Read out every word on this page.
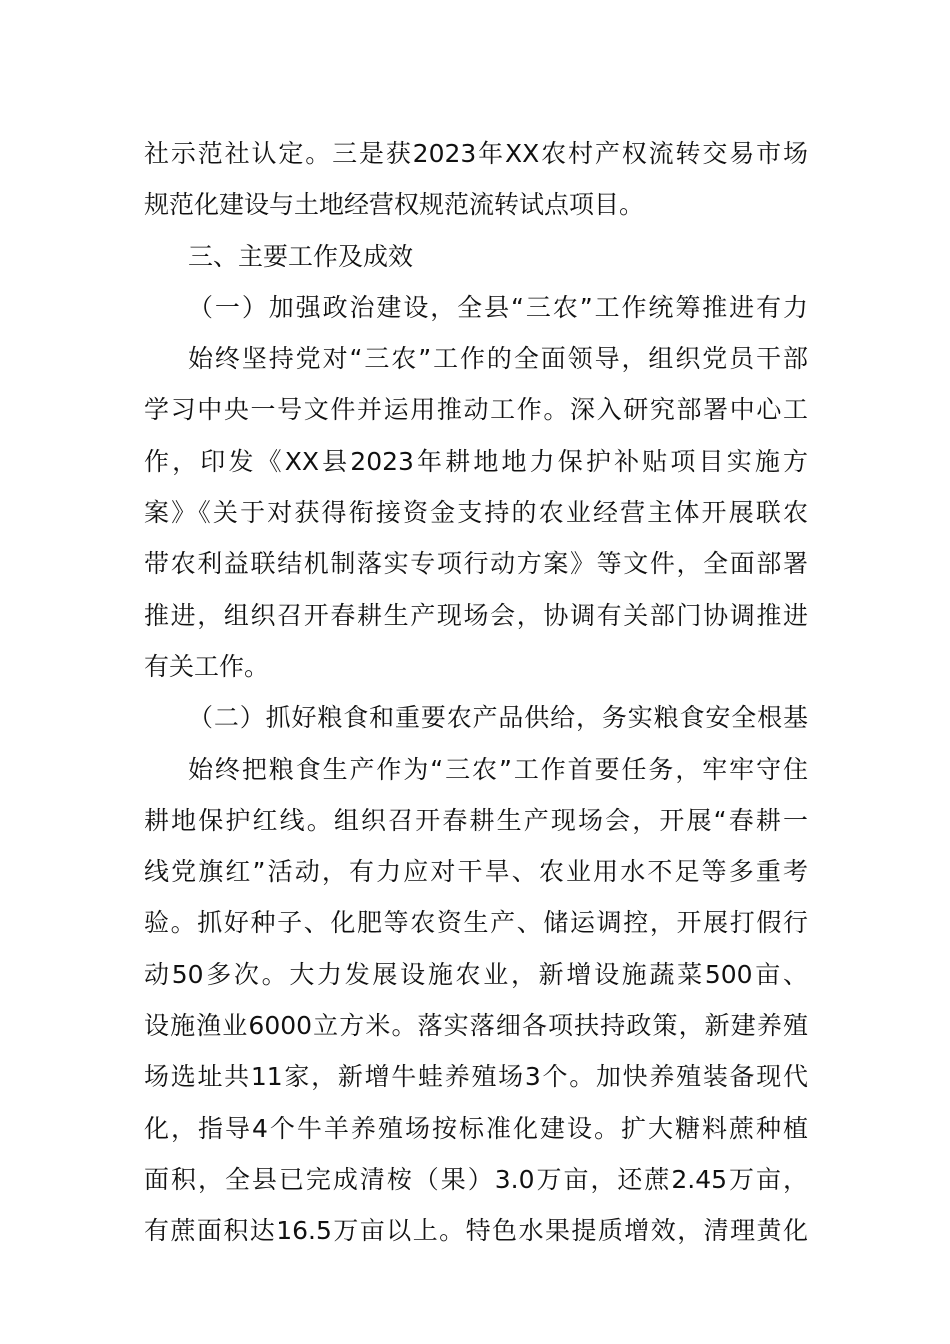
社示范社认定。三是获2023年XX农村产权流转交易市场
规范化建设与土地经营权规范流转试点项目。
三、主要工作及成效
（一）加强政治建设，全县“三农”工作统筹推进有力
始终坚持党对“三农”工作的全面领导，组织党员干部
学习中央一号文件并运用推动工作。深入研究部署中心工
作，印发《XX县2023年耕地地力保护补贴项目实施方
案》《关于对获得衔接资金支持的农业经营主体开展联农
带农利益联结机制落实专项行动方案》等文件，全面部署
推进，组织召开春耕生产现场会，协调有关部门协调推进
有关工作。
（二）抓好粮食和重要农产品供给，务实粮食安全根基
始终把粮食生产作为“三农”工作首要任务，牢牢守住
耕地保护红线。组织召开春耕生产现场会，开展“春耕一
线党旗红”活动，有力应对干旱、农业用水不足等多重考
验。抓好种子、化肥等农资生产、储运调控，开展打假行
动50多次。大力发展设施农业，新增设施蔬菜500亩、
设施渔业6000立方米。落实落细各项扶持政策，新建养殖
场选址共11家，新增牛蛙养殖场3个。加快养殖装备现代
化，指导4个牛羊养殖场按标准化建设。扩大糖料蔗种植
面积，全县已完成清桉（果）3.0万亩，还蔗2.45万亩，
有蔗面积达16.5万亩以上。特色水果提质增效，清理黄化
